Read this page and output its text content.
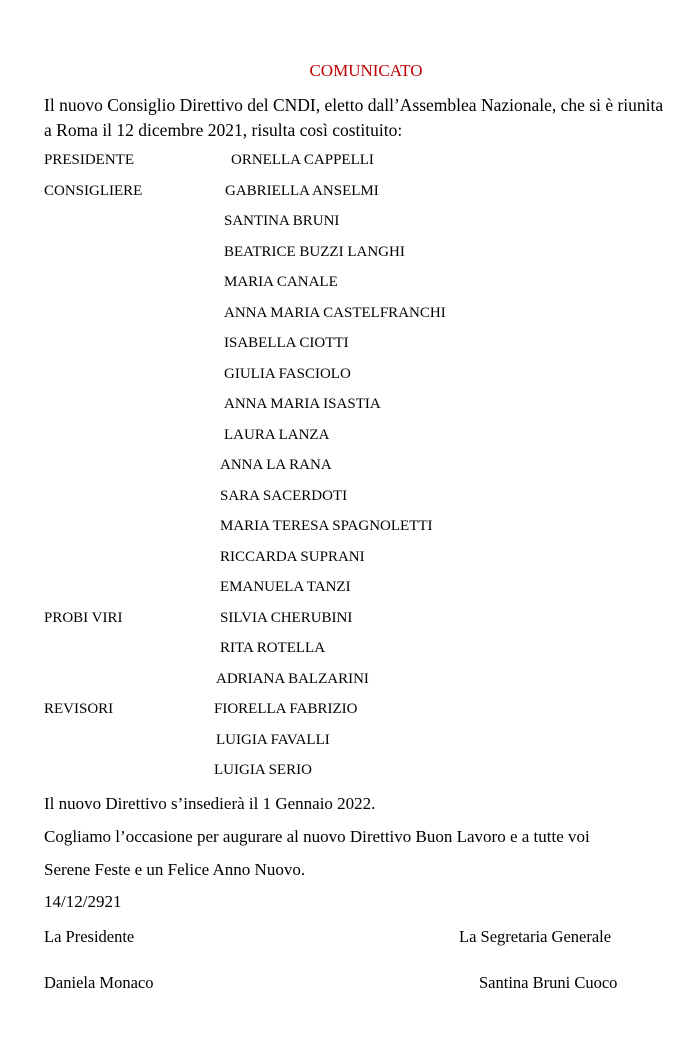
COMUNICATO
Il nuovo Consiglio Direttivo del CNDI, eletto dall’Assemblea Nazionale, che si è riunita a Roma il 12 dicembre 2021, risulta così costituito:
PRESIDENTE	ORNELLA CAPPELLI
CONSIGLIERE	GABRIELLA ANSELMI
SANTINA BRUNI
BEATRICE BUZZI LANGHI
MARIA CANALE
ANNA MARIA CASTELFRANCHI
ISABELLA CIOTTI
GIULIA FASCIOLO
ANNA MARIA ISASTIA
LAURA LANZA
ANNA LA RANA
SARA SACERDOTI
MARIA TERESA SPAGNOLETTI
RICCARDA SUPRANI
EMANUELA TANZI
PROBI VIRI	SILVIA CHERUBINI
RITA ROTELLA
ADRIANA BALZARINI
REVISORI	FIORELLA FABRIZIO
LUIGIA FAVALLI
LUIGIA SERIO
Il nuovo Direttivo s’insedierà il 1 Gennaio 2022.
Cogliamo l’occasione per augurare al nuovo Direttivo Buon Lavoro e a tutte voi
Serene Feste e un Felice Anno Nuovo.
14/12/2921
La Presidente	La Segretaria Generale
Daniela Monaco	Santina Bruni Cuoco
